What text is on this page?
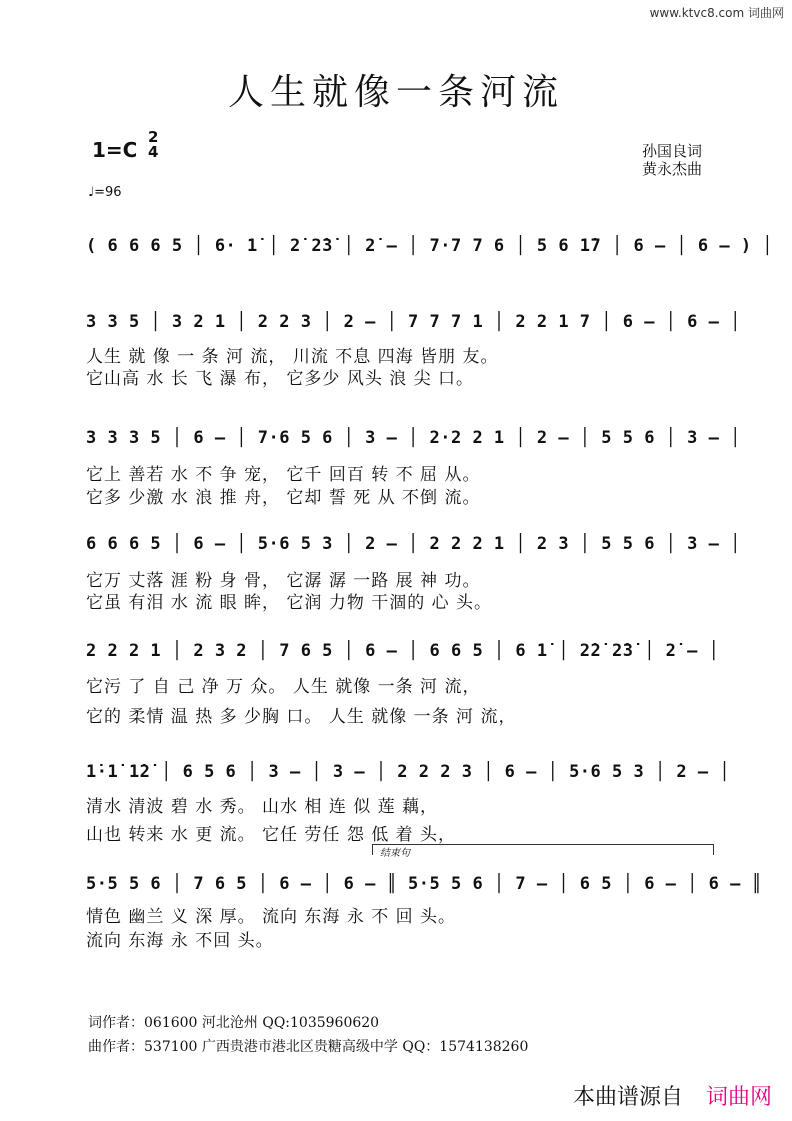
www.ktvc8.com 词曲网
人生就像一条河流
1=C
2
4
♩=96
孙国良词
黄永杰曲
( 6 6 6 5 │ 6· 1̇ │ 2̇ 2̇3̇ │ 2̇ – │ 7·7 7 6 │ 5 6 1̇7 │ 6 – │ 6 – ) │
3 3 5 │ 3 2 1 │ 2 2 3 │ 2 – │ 7 7 7 1 │ 2 2 1 7 │ 6 – │ 6 – │
人生 就 像 一 条 河 流， 川流 不息 四海 皆朋 友。
它山高 水 长 飞 瀑 布， 它多少 风头 浪 尖 口。
3 3 3 5 │ 6 – │ 7·6 5 6 │ 3 – │ 2·2 2 1 │ 2 – │ 5 5 6 │ 3 – │
它上 善若 水 不 争 宠， 它千 回百 转 不 屈 从。
它多 少激 水 浪 推 舟， 它却 誓 死 从 不倒 流。
6 6 6 5 │ 6 – │ 5·6 5 3 │ 2 – │ 2 2 2 1 │ 2 3 │ 5 5 6 │ 3 – │
它万 丈落 涯 粉 身 骨， 它潺 潺 一路 展 神 功。
它虽 有泪 水 流 眼 眸， 它润 力物 干涸的 心 头。
2 2 2 1 │ 2 3 2 │ 7 6 5 │ 6 – │ 6 6 5 │ 6 1̇ │ 2̇2̇ 2̇3̇ │ 2̇ – │
它污 了 自 己 净 万 众。 人生 就像 一条 河 流，
它的 柔情 温 热 多 少胸 口。 人生 就像 一条 河 流，
1̇·1̇ 1̇2̇ │ 6 5 6 │ 3 – │ 3 – │ 2 2 2 3 │ 6 – │ 5·6 5 3 │ 2 – │
清水 清波 碧 水 秀。 山水 相 连 似 莲 藕，
山也 转来 水 更 流。 它任 劳任 怨 低 着 头，
结束句
5·5 5 6 │ 7 6 5 │ 6 – │ 6 – ║ 5·5 5 6 │ 7 – │ 6 5 │ 6 – │ 6 – ║
情色 幽兰 义 深 厚。 流向 东海 永 不 回 头。
流向 东海 永 不回 头。
词作者：061600 河北沧州 QQ:1035960620
曲作者：537100 广西贵港市港北区贵糖高级中学 QQ：1574138260
本曲谱源自 词曲网
